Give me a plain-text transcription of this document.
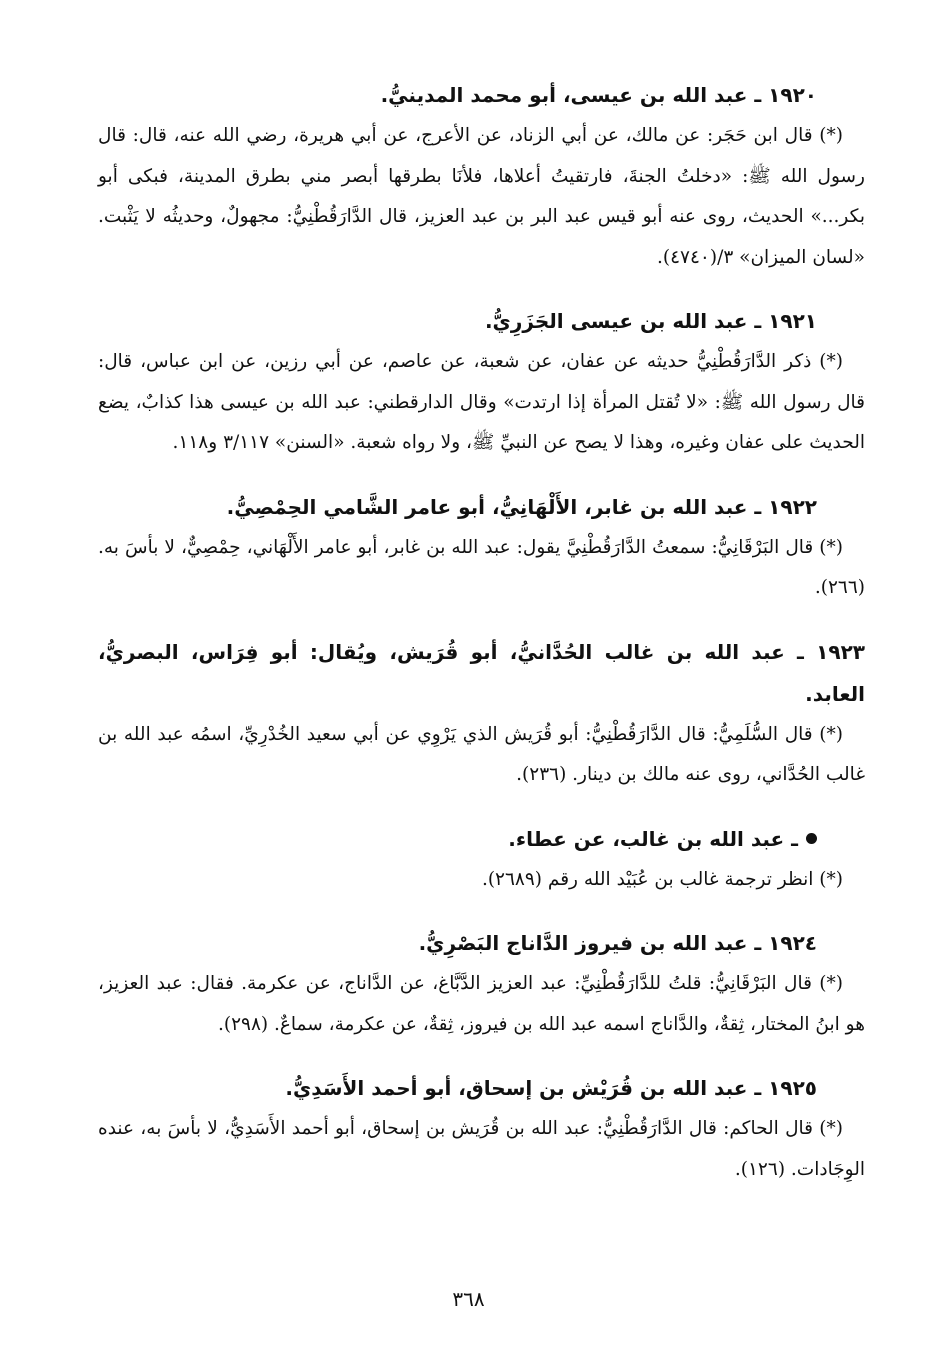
١٩٢٠ ـ عبد الله بن عيسى، أبو محمد المدينيُّ.

(*) قال ابن حَجَر: عن مالك، عن أبي الزناد، عن الأعرج، عن أبي هريرة، رضي الله عنه، قال: قال رسول الله ﷺ: «دخلتُ الجنةَ، فارتقيتُ أعلاها، فلأنَا بطرقها أبصر مني بطرق المدينة، فبكى أبو بكر...» الحديث، روى عنه أبو قيس عبد البر بن عبد العزيز، قال الدَّارَقُطْنِيُّ: مجهولٌ، وحديثُه لا يَثْبت. «لسان الميزان» ٣/(٤٧٤٠).

١٩٢١ ـ عبد الله بن عيسى الجَزَرِيُّ.

(*) ذكر الدَّارَقُطْنِيُّ حديثه عن عفان، عن شعبة، عن عاصم، عن أبي رزين، عن ابن عباس، قال: قال رسول الله ﷺ: «لا تُقتل المرأة إذا ارتدت» وقال الدارقطني: عبد الله بن عيسى هذا كذابٌ، يضع الحديث على عفان وغيره، وهذا لا يصح عن النبيِّ ﷺ، ولا رواه شعبة. «السنن» ٣/١١٧ و١١٨.

١٩٢٢ ـ عبد الله بن غابر، الأَلْهَانِيُّ، أبو عامر الشَّامي الحِمْصِيُّ.

(*) قال البَرْقَانِيُّ: سمعتُ الدَّارَقُطْنِيَّ يقول: عبد الله بن غابر، أبو عامر الأَلْهَاني، حِمْصِيٌّ، لا بأسَ به. (٢٦٦).

١٩٢٣ ـ عبد الله بن غالب الحُدَّانيُّ، أبو قُرَيش، ويُقال: أبو فِرَاس، البصريُّ، العابد.

(*) قال السُّلَمِيُّ: قال الدَّارَقُطْنِيُّ: أبو قُرَيش الذي يَرْوِي عن أبي سعيد الخُدْرِيِّ، اسمُه عبد الله بن غالب الحُدَّاني، روى عنه مالك بن دينار. (٢٣٦).

ـ عبد الله بن غالب، عن عطاء.

(*) انظر ترجمة غالب بن عُبَيْد الله رقم (٢٦٨٩).

١٩٢٤ ـ عبد الله بن فيروز الدَّاناج البَصْرِيُّ.

(*) قال البَرْقَانِيُّ: قلتُ للدَّارَقُطْنِيِّ: عبد العزيز الدَّبَّاغ، عن الدَّاناج، عن عكرمة. فقال: عبد العزيز، هو ابنُ المختار، ثِقةٌ، والدَّاناج اسمه عبد الله بن فيروز، ثِقةٌ، عن عكرمة، سماعٌ. (٢٩٨).

١٩٢٥ ـ عبد الله بن قُرَيْش بن إسحاق، أبو أحمد الأَسَدِيُّ.

(*) قال الحاكم: قال الدَّارَقُطْنِيُّ: عبد الله بن قُرَيش بن إسحاق، أبو أحمد الأَسَدِيُّ، لا بأسَ به، عنده الوِجَادات. (١٢٦).

٣٦٨
